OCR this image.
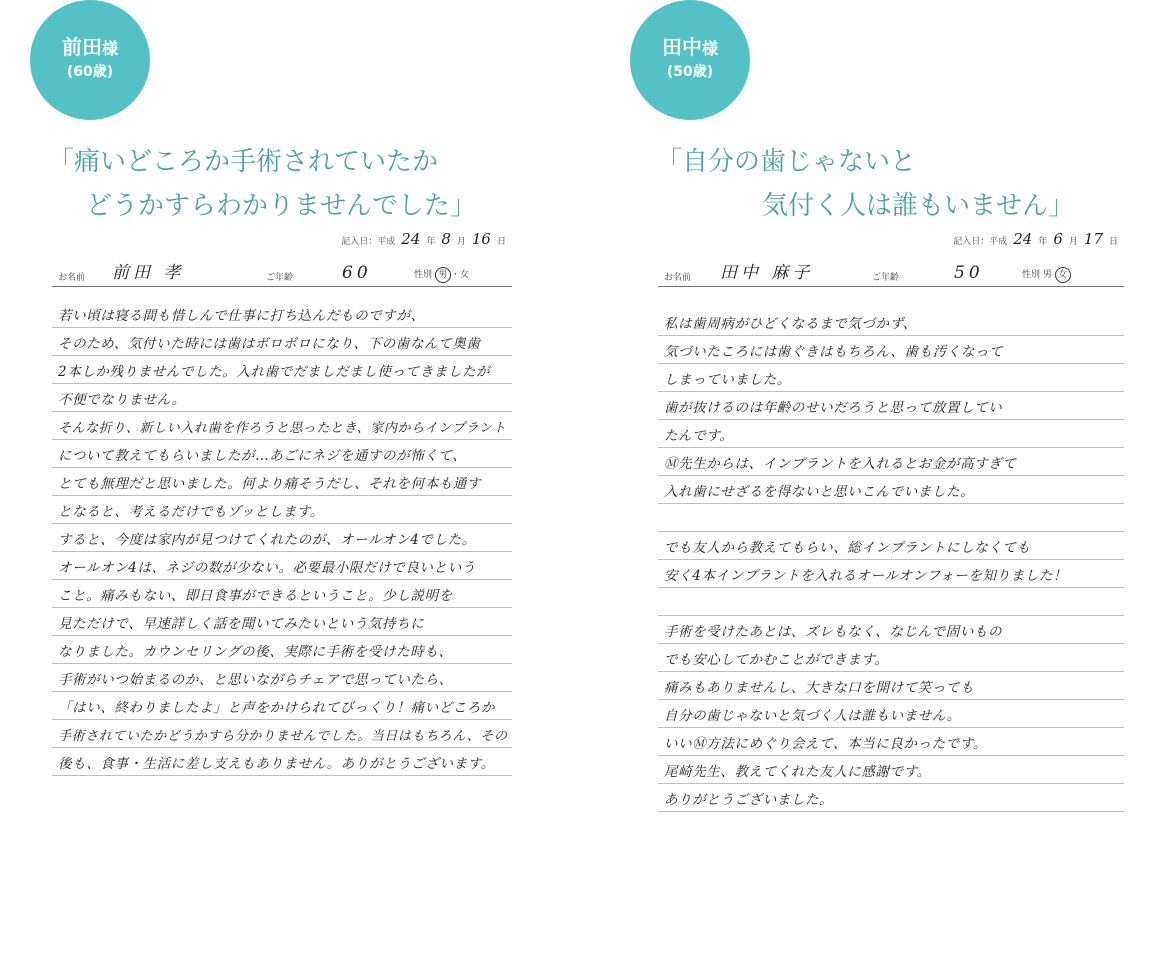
前田様
(60歳)
「痛いどころか手術されていたか
どうかすらわかりませんでした」
記入日：平成 24 年 8 月 16 日
お名前 前田 孝	ご年齢	60	性別 男 ・女
若い頃は寝る間も惜しんで仕事に打ち込んだものですが、
そのため、気付いた時には歯はボロボロになり、下の歯なんて奥歯
2本しか残りませんでした。入れ歯でだましだまし使ってきましたが
不便でなりません。
そんな折り、新しい入れ歯を作ろうと思ったとき、家内からインプラント
について教えてもらいましたが…あごにネジを通すのが怖くて、
とても無理だと思いました。何より痛そうだし、それを何本も通す
となると、考えるだけでもゾッとします。
すると、今度は家内が見つけてくれたのが、オールオン4でした。
オールオン4は、ネジの数が少ない。必要最小限だけで良いという
こと。痛みもない、即日食事ができるということ。少し説明を
見ただけで、早速詳しく話を聞いてみたいという気持ちに
なりました。カウンセリングの後、実際に手術を受けた時も、
手術がいつ始まるのか、と思いながらチェアで思っていたら、
「はい、終わりましたよ」と声をかけられてびっくり！痛いどころか
手術されていたかどうかすら分かりませんでした。当日はもちろん、その
後も、食事・生活に差し支えもありません。ありがとうございます。
田中様
(50歳)
「自分の歯じゃないと
気付く人は誰もいません」
記入日：平成 24 年 6 月 17 日
お名前 田中 麻子	ご年齢	50	性別 男 女
私は歯周病がひどくなるまで気づかず、
気づいたころには歯ぐきはもちろん、歯も汚くなって
しまっていました。
歯が抜けるのは年齢のせいだろうと思って放置してい
たんです。
Ⓜ先生からは、インプラントを入れるとお金が高すぎて
入れ歯にせざるを得ないと思いこんでいました。
でも友人から教えてもらい、総インプラントにしなくても
安く4本インプラントを入れるオールオンフォーを知りました！
手術を受けたあとは、ズレもなく、なじんで固いもの
でも安心してかむことができます。
痛みもありませんし、大きな口を開けて笑っても
自分の歯じゃないと気づく人は誰もいません。
いいⓂ方法にめぐり会えて、本当に良かったです。
尾崎先生、教えてくれた友人に感謝です。
ありがとうございました。
